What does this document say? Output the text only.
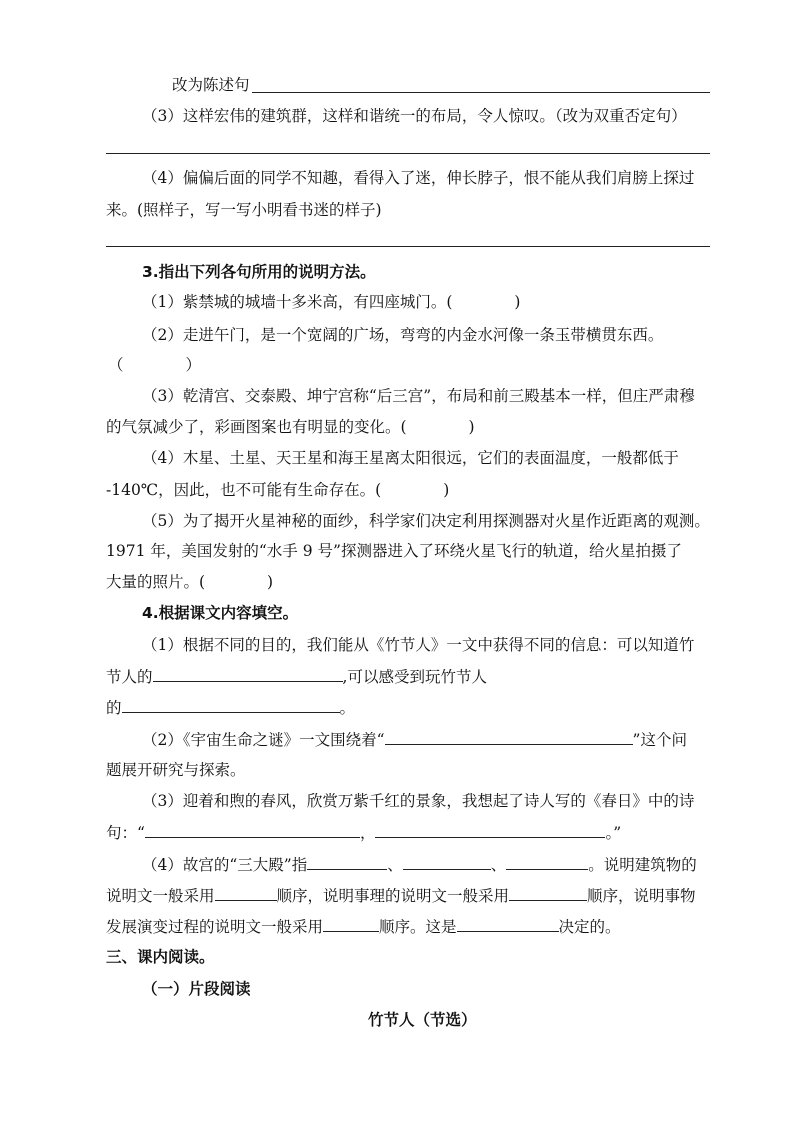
改为陈述句
（3）这样宏伟的建筑群，这样和谐统一的布局，令人惊叹。（改为双重否定句）
（4）偏偏后面的同学不知趣，看得入了迷，伸长脖子，恨不能从我们肩膀上探过
来。(照样子，写一写小明看书迷的样子)
3.指出下列各句所用的说明方法。
（1）紫禁城的城墙十多米高，有四座城门。(　　　　)
（2）走进午门，是一个宽阔的广场，弯弯的内金水河像一条玉带横贯东西。
（　　　　）
（3）乾清宫、交泰殿、坤宁宫称“后三宫”，布局和前三殿基本一样，但庄严肃穆
的气氛减少了，彩画图案也有明显的变化。(　　　　)
（4）木星、土星、天王星和海王星离太阳很远，它们的表面温度，一般都低于
-140℃，因此，也不可能有生命存在。(　　　　)
（5）为了揭开火星神秘的面纱，科学家们决定利用探测器对火星作近距离的观测。
1971 年，美国发射的“水手 9 号”探测器进入了环绕火星飞行的轨道，给火星拍摄了
大量的照片。(　　　　)
4.根据课文内容填空。
（1）根据不同的目的，我们能从《竹节人》一文中获得不同的信息：可以知道竹
节人的	,可以感受到玩竹节人
的	。
（2）《宇宙生命之谜》一文围绕着“	”这个问
题展开研究与探索。
（3）迎着和煦的春风，欣赏万紫千红的景象，我想起了诗人写的《春日》中的诗
句：“	，	。”
（4）故宫的“三大殿”指	、	、	。说明建筑物的
说明文一般采用	顺序，说明事理的说明文一般采用	顺序，说明事物
发展演变过程的说明文一般采用	顺序。这是	决定的。
三、课内阅读。
（一）片段阅读
竹节人（节选）
